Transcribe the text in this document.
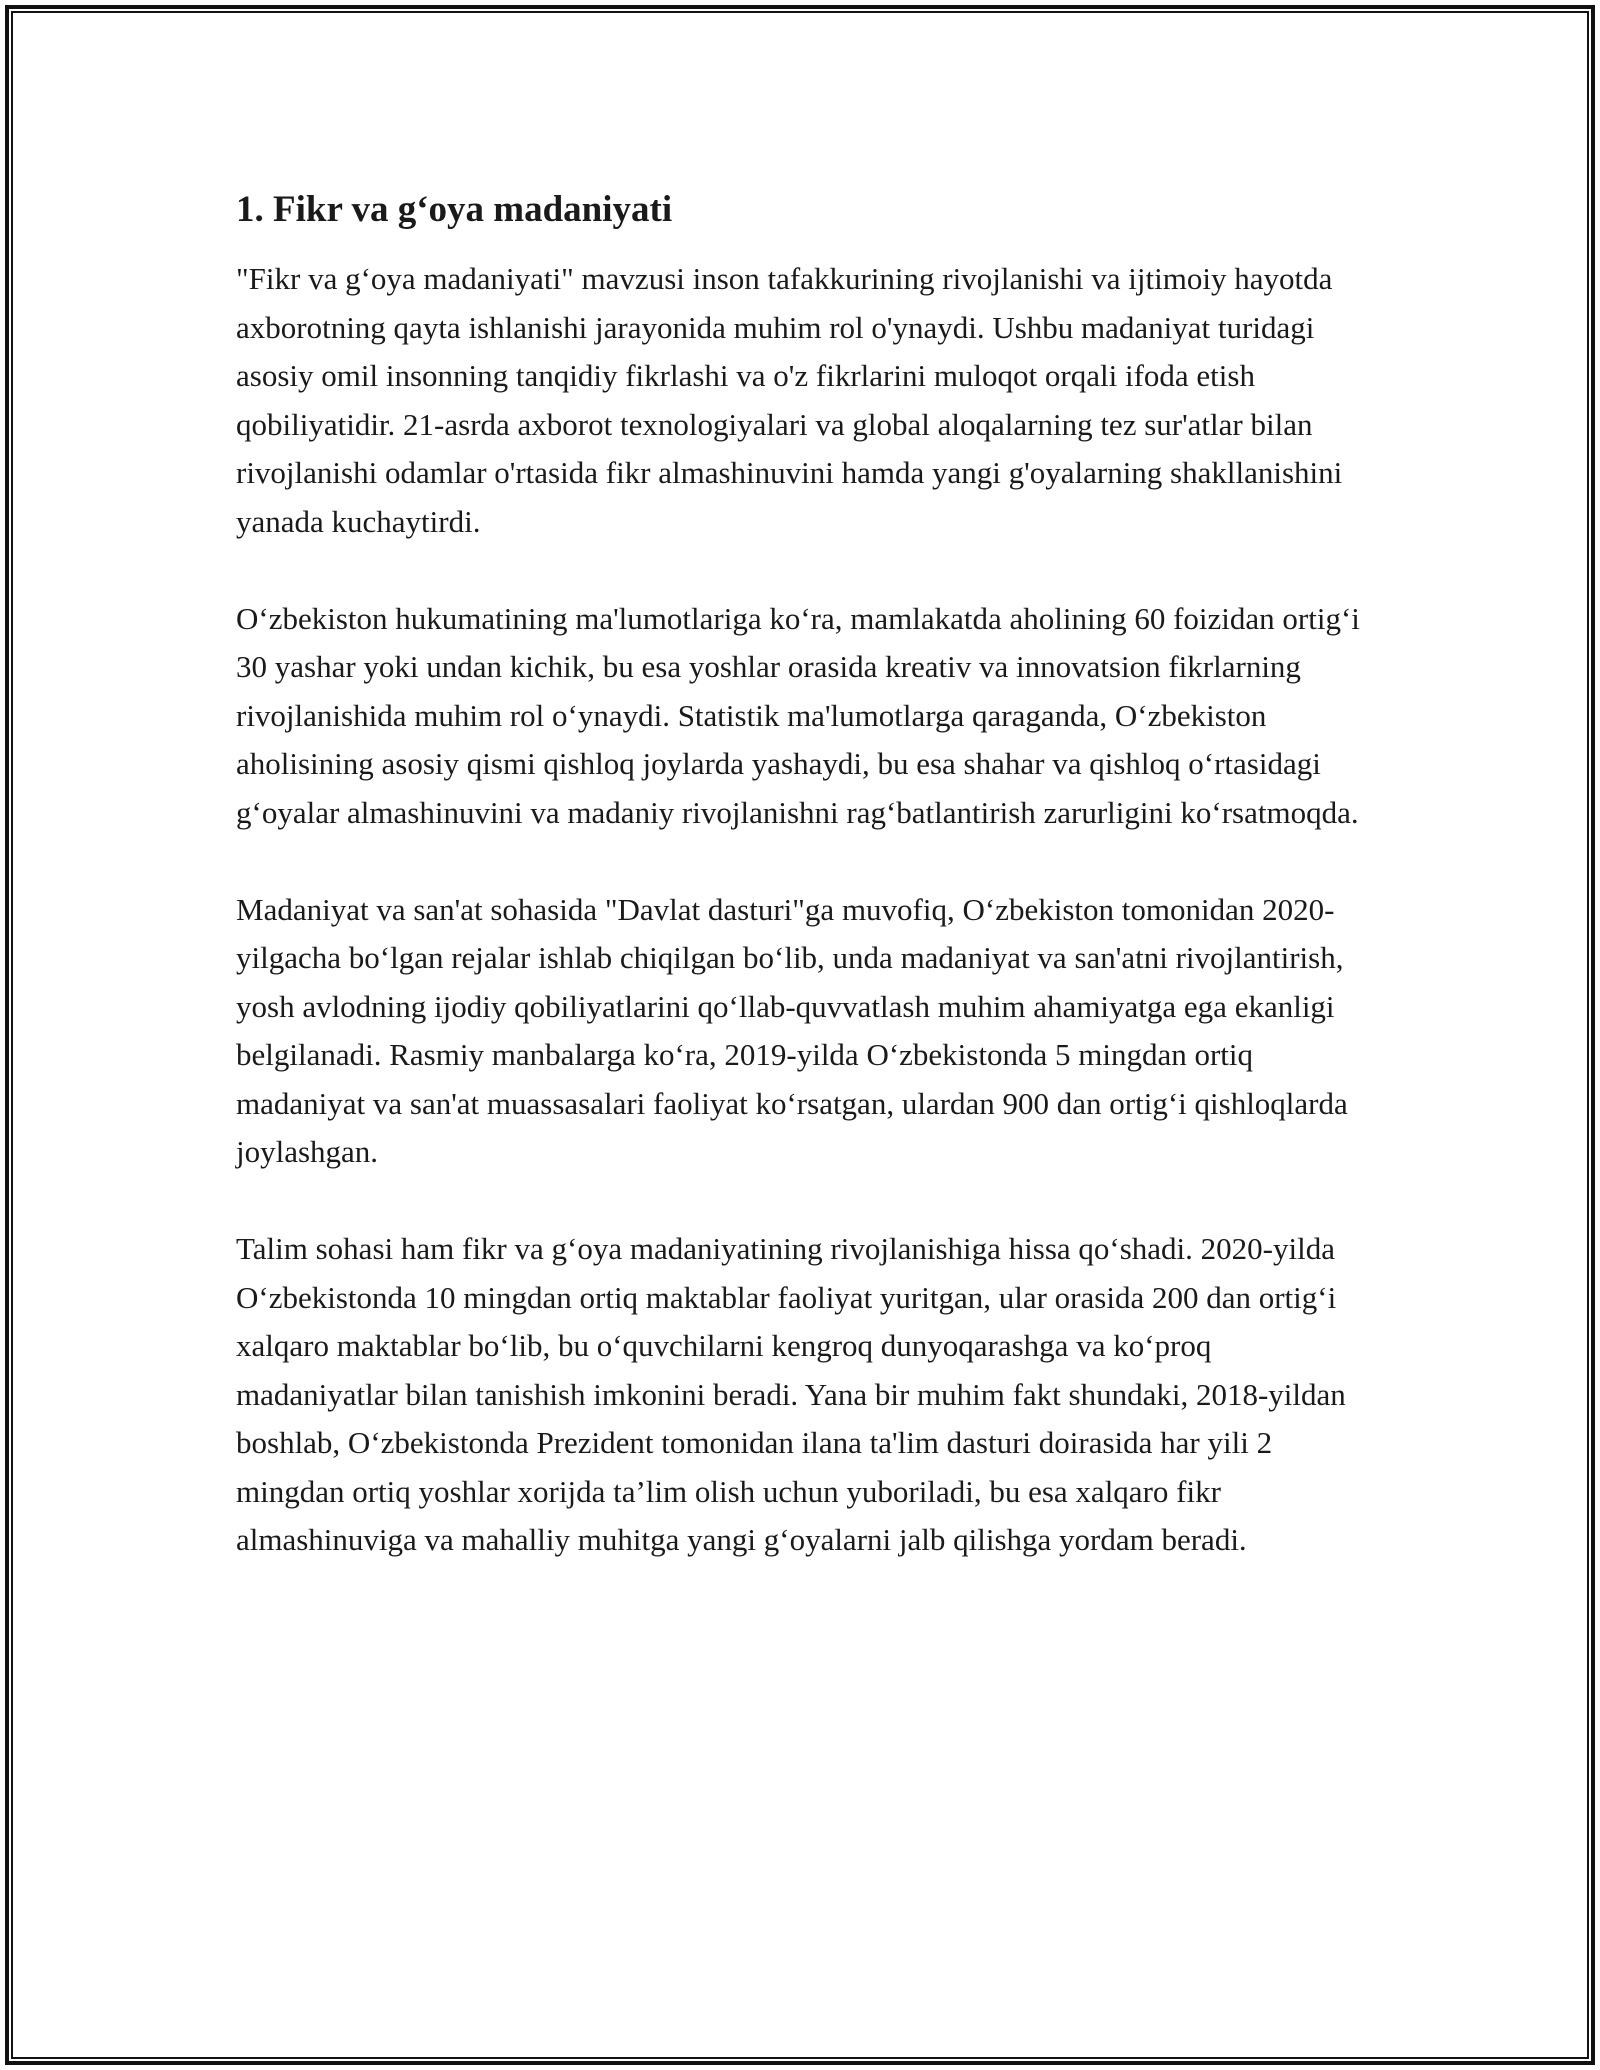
1. Fikr va g‘oya madaniyati

"Fikr va g‘oya madaniyati" mavzusi inson tafakkurining rivojlanishi va ijtimoiy hayotda axborotning qayta ishlanishi jarayonida muhim rol o'ynaydi. Ushbu madaniyat turidagi asosiy omil insonning tanqidiy fikrlashi va o'z fikrlarini muloqot orqali ifoda etish qobiliyatidir. 21-asrda axborot texnologiyalari va global aloqalarning tez sur'atlar bilan rivojlanishi odamlar o'rtasida fikr almashinuvini hamda yangi g'oyalarning shakllanishini yanada kuchaytirdi.

O‘zbekiston hukumatining ma'lumotlariga ko‘ra, mamlakatda aholining 60 foizidan ortig‘i 30 yashar yoki undan kichik, bu esa yoshlar orasida kreativ va innovatsion fikrlarning rivojlanishida muhim rol o‘ynaydi. Statistik ma'lumotlarga qaraganda, O‘zbekiston aholisining asosiy qismi qishloq joylarda yashaydi, bu esa shahar va qishloq o‘rtasidagi g‘oyalar almashinuvini va madaniy rivojlanishni rag‘batlantirish zarurligini ko‘rsatmoqda.

Madaniyat va san'at sohasida "Davlat dasturi"ga muvofiq, O‘zbekiston tomonidan 2020-yilgacha bo‘lgan rejalar ishlab chiqilgan bo‘lib, unda madaniyat va san'atni rivojlantirish, yosh avlodning ijodiy qobiliyatlarini qo‘llab-quvvatlash muhim ahamiyatga ega ekanligi belgilanadi. Rasmiy manbalarga ko‘ra, 2019-yilda O‘zbekistonda 5 mingdan ortiq madaniyat va san'at muassasalari faoliyat ko‘rsatgan, ulardan 900 dan ortig‘i qishloqlarda joylashgan.

Talim sohasi ham fikr va g‘oya madaniyatining rivojlanishiga hissa qo‘shadi. 2020-yilda O‘zbekistonda 10 mingdan ortiq maktablar faoliyat yuritgan, ular orasida 200 dan ortig‘i xalqaro maktablar bo‘lib, bu o‘quvchilarni kengroq dunyoqarashga va ko‘proq madaniyatlar bilan tanishish imkonini beradi. Yana bir muhim fakt shundaki, 2018-yildan boshlab, O‘zbekistonda Prezident tomonidan ilana ta'lim dasturi doirasida har yili 2 mingdan ortiq yoshlar xorijda ta’lim olish uchun yuboriladi, bu esa xalqaro fikr almashinuviga va mahalliy muhitga yangi g‘oyalarni jalb qilishga yordam beradi.
